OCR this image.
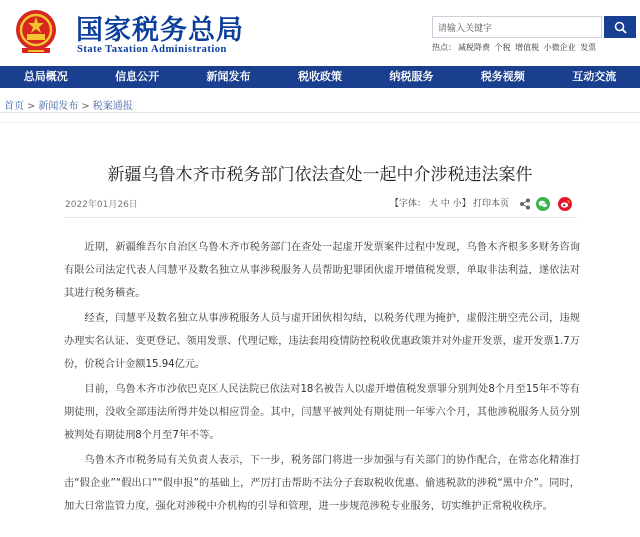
国家税务总局
State Taxation Administration
请输入关键字
热点： 减税降费 个税 增值税 小微企业 发票
总局概况	信息公开	新闻发布	税收政策	纳税服务	税务视频	互动交流
首页 > 新闻发布 > 税案通报
新疆乌鲁木齐市税务部门依法查处一起中介涉税违法案件
2022年01月26日	【字体： 大 中 小】 打印本页

近期，新疆维吾尔自治区乌鲁木齐市税务部门在查处一起虚开发票案件过程中发现，乌鲁木齐根多多财务咨询有限公司法定代表人闫慧平及数名独立从事涉税服务人员帮助犯罪团伙虚开增值税发票，单取非法利益，遂依法对其进行税务稽查。

经查，闫慧平及数名独立从事涉税服务人员与虚开团伙相勾结，以税务代理为掩护，虚假注册空壳公司，违规办理实名认证、变更登记、领用发票、代理记账，违法套用疫情防控税收优惠政策并对外虚开发票，虚开发票1.7万份，价税合计金额15.94亿元。

目前，乌鲁木齐市沙依巴克区人民法院已依法对18名被告人以虚开增值税发票罪分别判处8个月至15年不等有期徒刑，没收全部违法所得并处以相应罚金。其中，闫慧平被判处有期徒刑一年零六个月，其他涉税服务人员分别被判处有期徒刑8个月至7年不等。

乌鲁木齐市税务局有关负责人表示，下一步，税务部门将进一步加强与有关部门的协作配合，在常态化精准打击“假企业”“假出口”“假申报”的基础上，严厉打击帮助不法分子套取税收优惠、偷逃税款的涉税“黑中介”。同时，加大日常监管力度，强化对涉税中介机构的引导和管理，进一步规范涉税专业服务，切实维护正常税收秩序。
